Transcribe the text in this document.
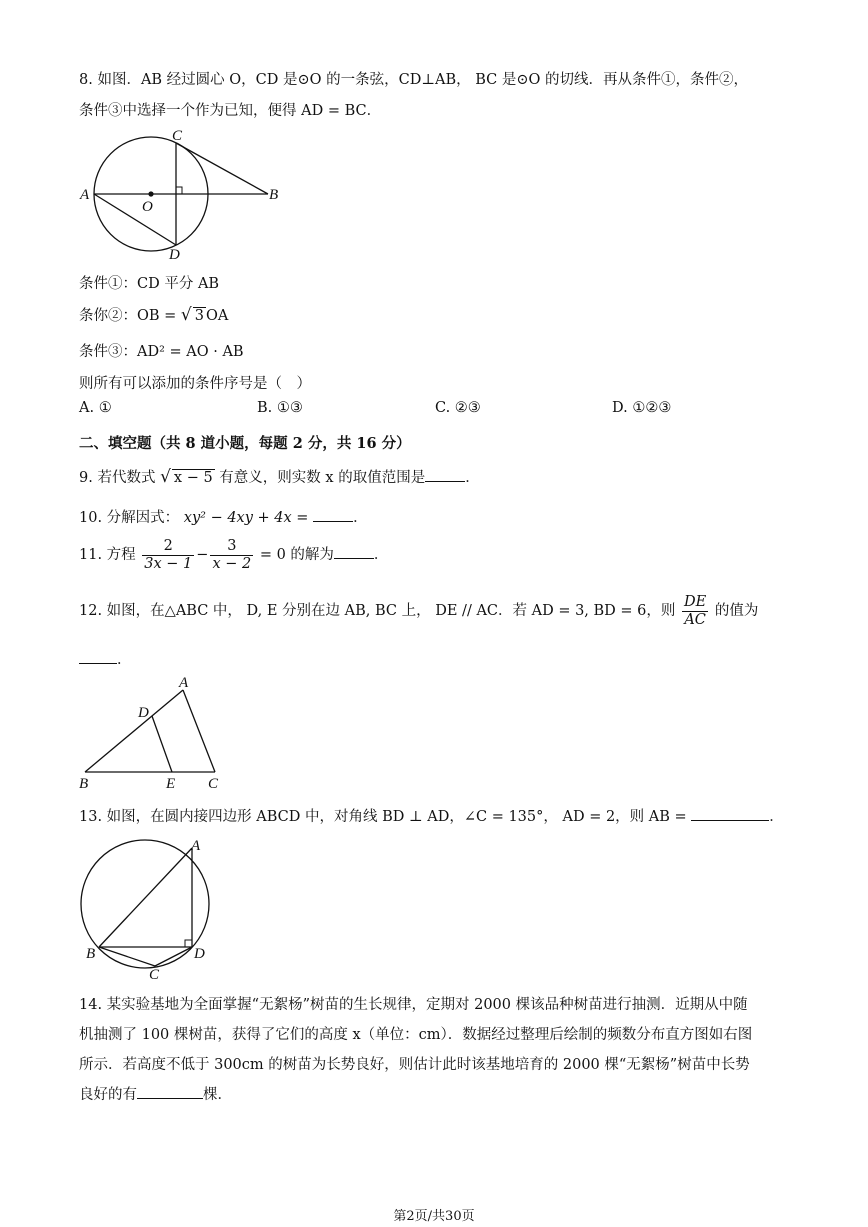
8. 如图．AB 经过圆心 O，CD 是⊙O 的一条弦，CD⊥AB， BC 是⊙O 的切线．再从条件①，条件②，
条件③中选择一个作为已知，便得 AD = BC．
C
A
O
B
D
条件①：CD 平分 AB
条你②：OB = √ 3 OA
条件③：AD² = AO · AB
则所有可以添加的条件序号是（　）
A. ①	B. ①③	C. ②③	D. ①②③
二、填空题（共 8 道小题，每题 2 分，共 16 分）
9. 若代数式 √ x − 5 有意义，则实数 x 的取值范围是	．
10. 分解因式： xy² − 4xy + 4x =	．
11. 方程 $\frac{2}{3x - 1} - \frac{3}{x - 2} = 0$ 的解为	．
12. 如图，在△ABC 中， D, E 分别在边 AB, BC 上， DE // AC．若 AD = 3, BD = 6，则 $\frac{DE}{AC}$ 的值为
．
A
D
B	E C
13. 如图，在圆内接四边形 ABCD 中，对角线 BD ⊥ AD，∠C = 135°， AD = 2，则 AB =	．
A
B	D
C
14. 某实验基地为全面掌握“无絮杨”树苗的生长规律，定期对 2000 棵该品种树苗进行抽测．近期从中随
机抽测了 100 棵树苗，获得了它们的高度 x（单位：cm）．数据经过整理后绘制的频数分布直方图如右图
所示．若高度不低于 300cm 的树苗为长势良好，则估计此时该基地培育的 2000 棵“无絮杨”树苗中长势
良好的有	棵．
第2页/共30页
